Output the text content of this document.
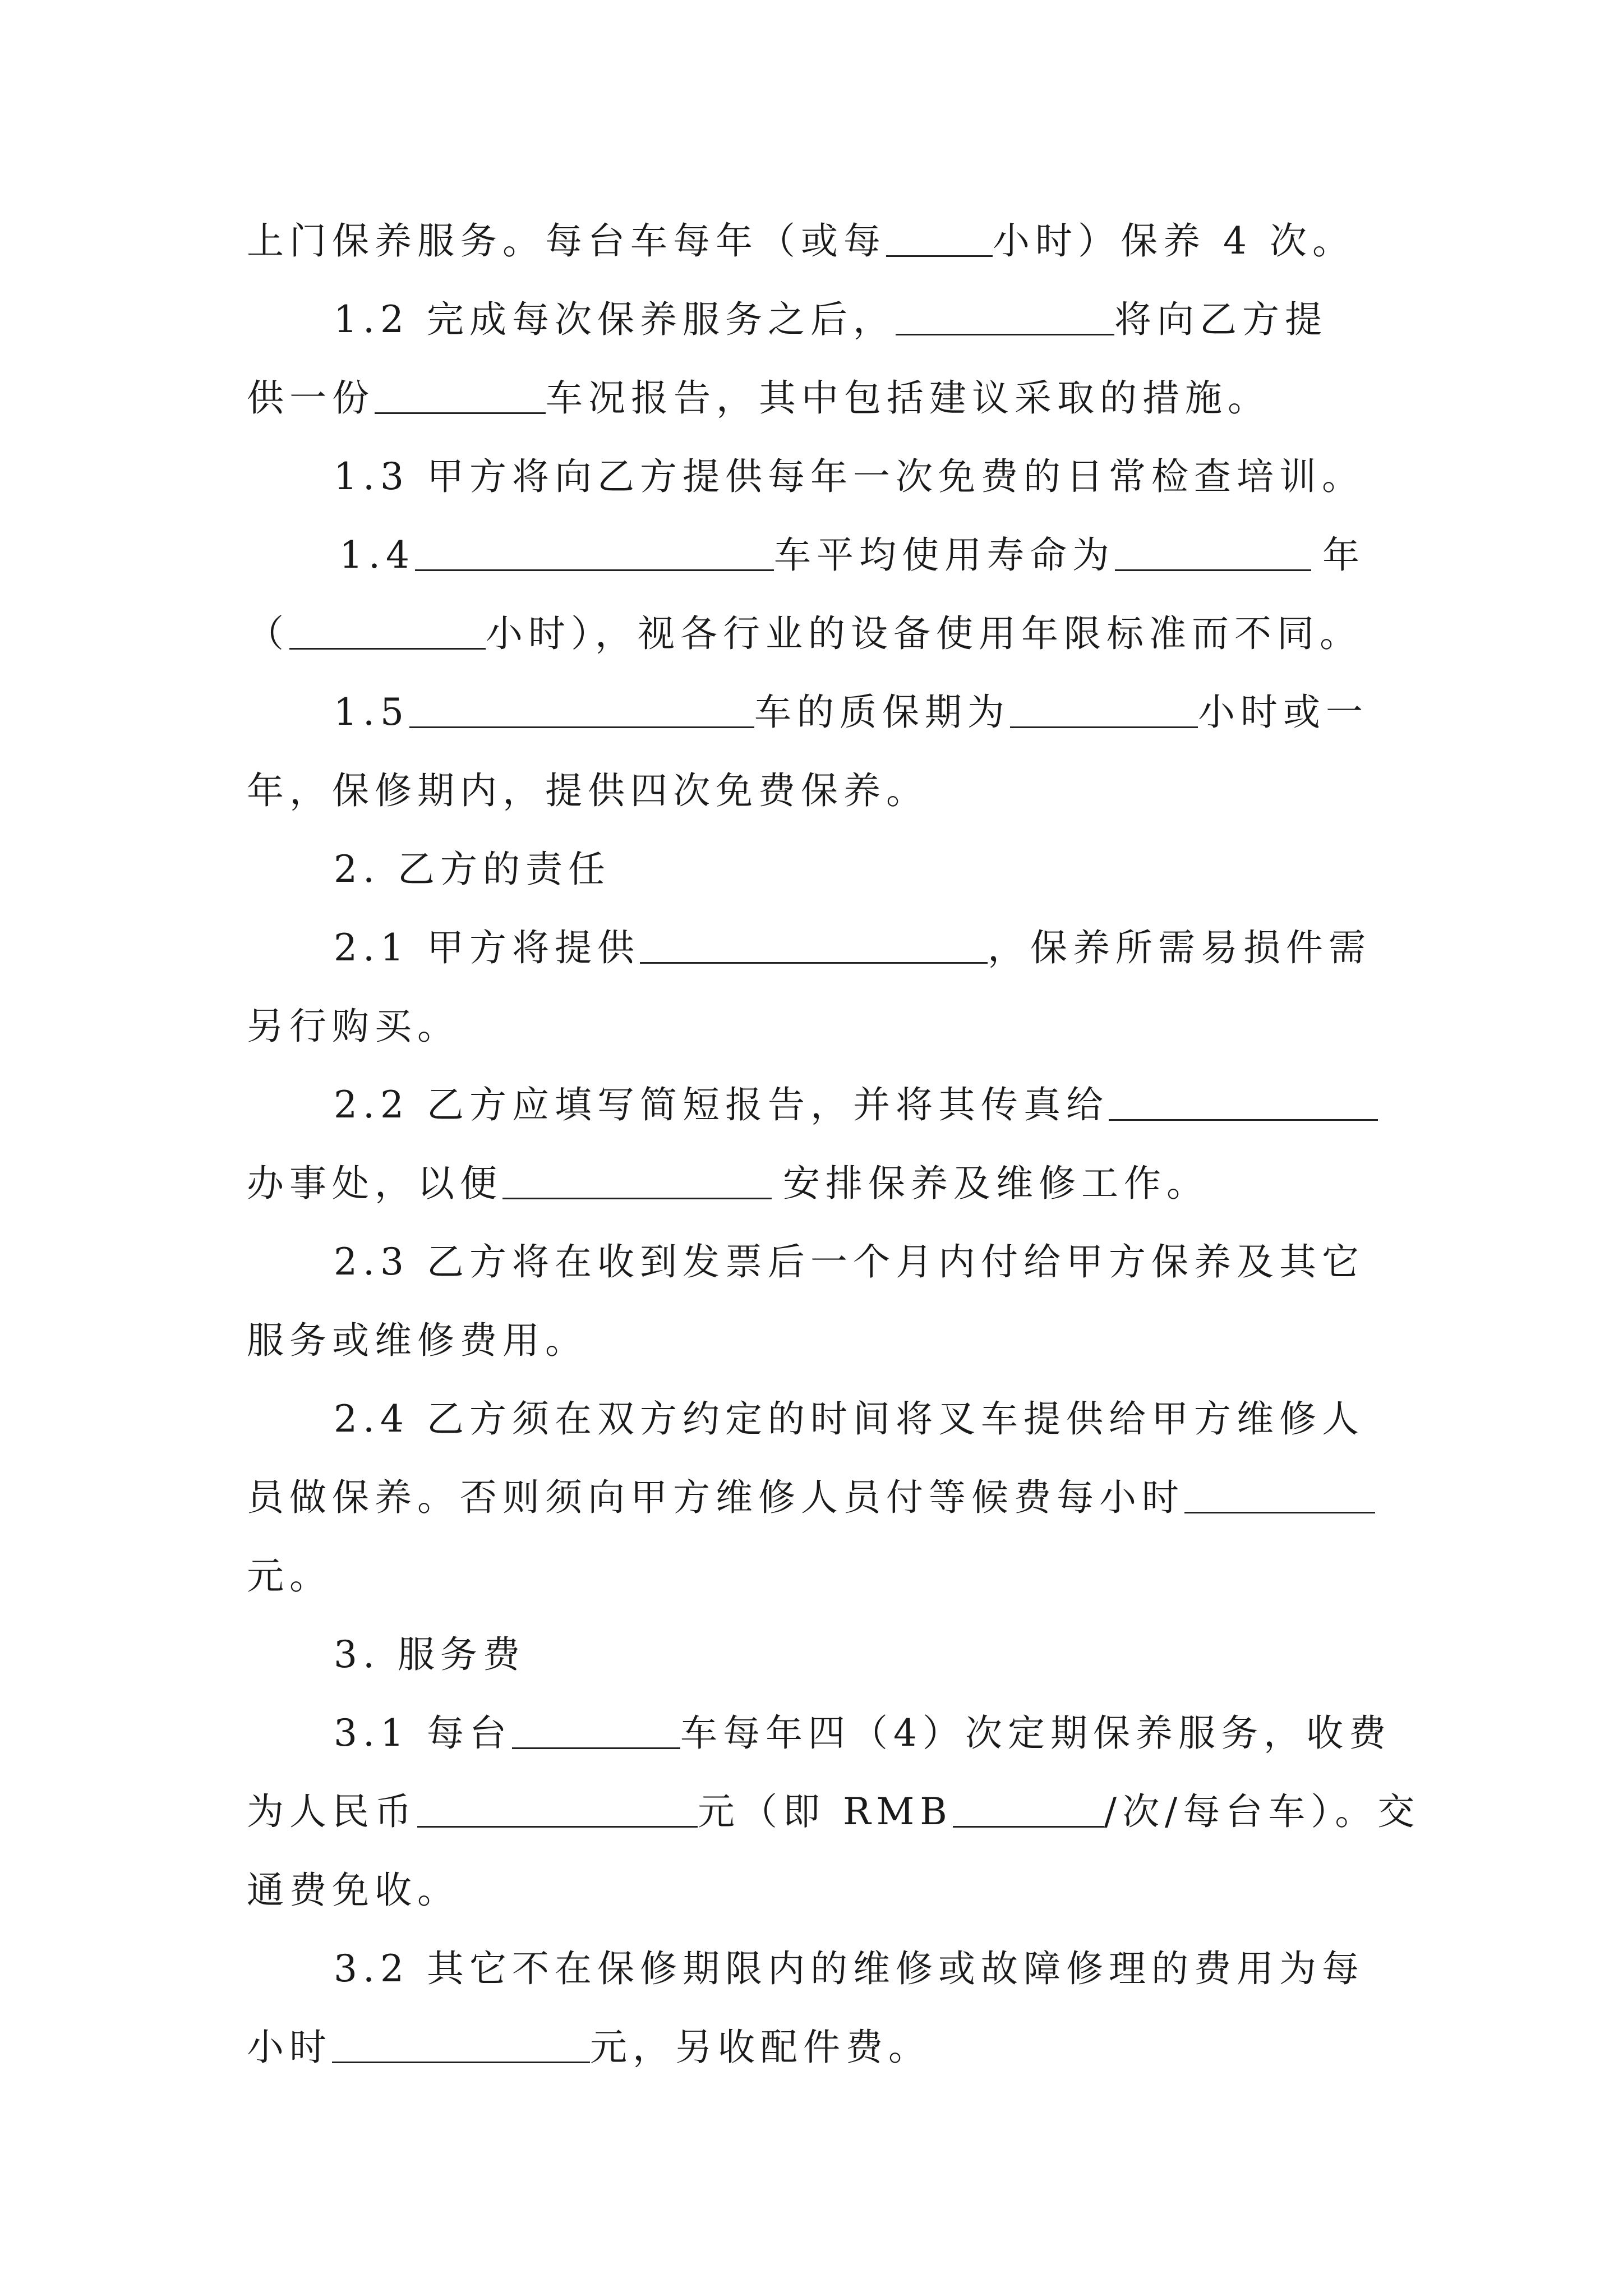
上门保养服务。每台车每年（或每	小时）保养 4 次。
1.2 完成每次保养服务之后，	将向乙方提
供一份	车况报告，其中包括建议采取的措施。
1.3 甲方将向乙方提供每年一次免费的日常检查培训。
1.4	车平均使用寿命为	年
（	小时），视各行业的设备使用年限标准而不同。
1.5	车的质保期为	小时或一
年，保修期内，提供四次免费保养。
2. 乙方的责任
2.1 甲方将提供	，保养所需易损件需
另行购买。
2.2 乙方应填写简短报告，并将其传真给
办事处，以便	安排保养及维修工作。
2.3 乙方将在收到发票后一个月内付给甲方保养及其它
服务或维修费用。
2.4 乙方须在双方约定的时间将叉车提供给甲方维修人
员做保养。否则须向甲方维修人员付等候费每小时
元。
3. 服务费
3.1 每台	车每年四（4）次定期保养服务，收费
为人民币	元（即 RMB	/次/每台车）。交
通费免收。
3.2 其它不在保修期限内的维修或故障修理的费用为每
小时	元，另收配件费。
